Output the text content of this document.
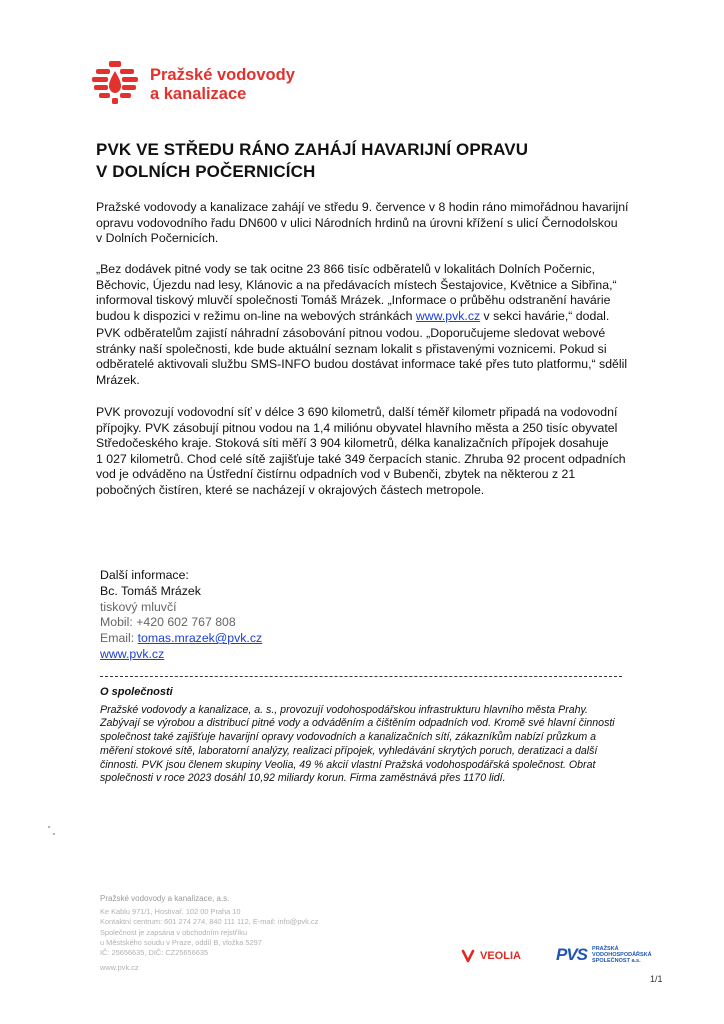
Pražské vodovody
a kanalizace
PVK VE STŘEDU RÁNO ZAHÁJÍ HAVARIJNÍ OPRAVU
V DOLNÍCH POČERNICÍCH
Pražské vodovody a kanalizace zahájí ve středu 9. července v 8 hodin ráno mimořádnou havarijní
opravu vodovodního řadu DN600 v ulici Národních hrdinů na úrovni křížení s ulicí Černodolskou
v Dolních Počernicích.
„Bez dodávek pitné vody se tak ocitne 23 866 tisíc odběratelů v lokalitách Dolních Počernic,
Běchovic, Újezdu nad lesy, Klánovic a na předávacích místech Šestajovice, Květnice a Sibřina,“
informoval tiskový mluvčí společnosti Tomáš Mrázek. „Informace o průběhu odstranění havárie
budou k dispozici v režimu on-line na webových stránkách www.pvk.cz v sekci havárie,“ dodal.
PVK odběratelům zajistí náhradní zásobování pitnou vodou. „Doporučujeme sledovat webové
stránky naší společnosti, kde bude aktuální seznam lokalit s přistavenými voznicemi. Pokud si
odběratelé aktivovali službu SMS-INFO budou dostávat informace také přes tuto platformu,“ sdělil
Mrázek.
PVK provozují vodovodní síť v délce 3 690 kilometrů, další téměř kilometr připadá na vodovodní
přípojky. PVK zásobují pitnou vodou na 1,4 miliónu obyvatel hlavního města a 250 tisíc obyvatel
Středočeského kraje. Stoková síti měří 3 904 kilometrů, délka kanalizačních přípojek dosahuje
1 027 kilometrů. Chod celé sítě zajišťuje také 349 čerpacích stanic. Zhruba 92 procent odpadních
vod je odváděno na Ústřední čistírnu odpadních vod v Bubenči, zbytek na některou z 21
pobočných čistíren, které se nacházejí v okrajových částech metropole.
Další informace:
Bc. Tomáš Mrázek
tiskový mluvčí
Mobil: +420 602 767 808
Email: tomas.mrazek@pvk.cz
www.pvk.cz
O společnosti
Pražské vodovody a kanalizace, a. s., provozují vodohospodářskou infrastrukturu hlavního města Prahy.
Zabývají se výrobou a distribucí pitné vody a odváděním a čištěním odpadních vod. Kromě své hlavní činnosti
společnost také zajišťuje havarijní opravy vodovodních a kanalizačních sítí, zákazníkům nabízí průzkum a
měření stokové sítě, laboratorní analýzy, realizaci přípojek, vyhledávání skrytých poruch, deratizaci a další
činnosti. PVK jsou členem skupiny Veolia, 49 % akcií vlastní Pražská vodohospodářská společnost. Obrat
společnosti v roce 2023 dosáhl 10,92 miliardy korun. Firma zaměstnává přes 1170 lidí.
Pražské vodovody a kanalizace, a.s.
Ke Kablu 971/1, Hostivař, 102 00 Praha 10
Kontaktní centrum: 601 274 274, 840 111 112, E-mail: info@pvk.cz
Společnost je zapsána v obchodním rejstříku
u Městského soudu v Praze, oddíl B, vložka 5297
IČ: 25656635, DIČ: CZ25656635
www.pvk.cz
VEOLIA PVS PRAŽSKÁ
VODOHOSPODÁŘSKÁ
SPOLEČNOST a.s.
1/1
